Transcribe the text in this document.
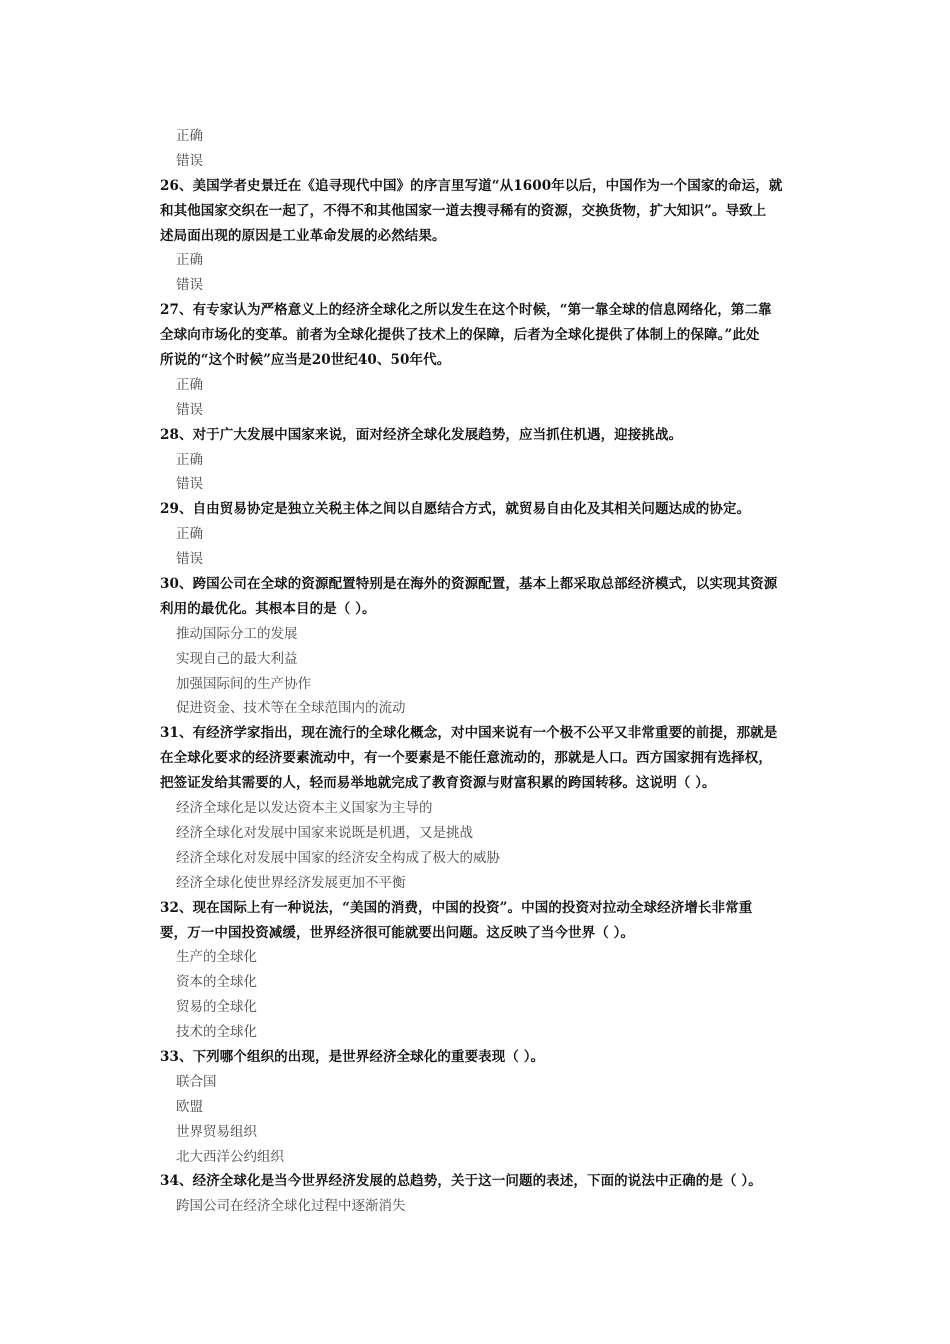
正确
错误
26、美国学者史景迁在《追寻现代中国》的序言里写道“从1600年以后，中国作为一个国家的命运，就
和其他国家交织在一起了，不得不和其他国家一道去搜寻稀有的资源，交换货物，扩大知识”。导致上
述局面出现的原因是工业革命发展的必然结果。
正确
错误
27、有专家认为严格意义上的经济全球化之所以发生在这个时候，“第一靠全球的信息网络化，第二靠
全球向市场化的变革。前者为全球化提供了技术上的保障，后者为全球化提供了体制上的保障。”此处
所说的“这个时候”应当是20世纪40、50年代。
正确
错误
28、对于广大发展中国家来说，面对经济全球化发展趋势，应当抓住机遇，迎接挑战。
正确
错误
29、自由贸易协定是独立关税主体之间以自愿结合方式，就贸易自由化及其相关问题达成的协定。
正确
错误
30、跨国公司在全球的资源配置特别是在海外的资源配置，基本上都采取总部经济模式，以实现其资源
利用的最优化。其根本目的是（ ）。
推动国际分工的发展
实现自己的最大利益
加强国际间的生产协作
促进资金、技术等在全球范围内的流动
31、有经济学家指出，现在流行的全球化概念，对中国来说有一个极不公平又非常重要的前提，那就是
在全球化要求的经济要素流动中，有一个要素是不能任意流动的，那就是人口。西方国家拥有选择权，
把签证发给其需要的人，轻而易举地就完成了教育资源与财富积累的跨国转移。这说明（ ）。
经济全球化是以发达资本主义国家为主导的
经济全球化对发展中国家来说既是机遇，又是挑战
经济全球化对发展中国家的经济安全构成了极大的威胁
经济全球化使世界经济发展更加不平衡
32、现在国际上有一种说法，“美国的消费，中国的投资”。中国的投资对拉动全球经济增长非常重
要，万一中国投资减缓，世界经济很可能就要出问题。这反映了当今世界（ ）。
生产的全球化
资本的全球化
贸易的全球化
技术的全球化
33、下列哪个组织的出现，是世界经济全球化的重要表现（ ）。
联合国
欧盟
世界贸易组织
北大西洋公约组织
34、经济全球化是当今世界经济发展的总趋势，关于这一问题的表述，下面的说法中正确的是（ ）。
跨国公司在经济全球化过程中逐渐消失
